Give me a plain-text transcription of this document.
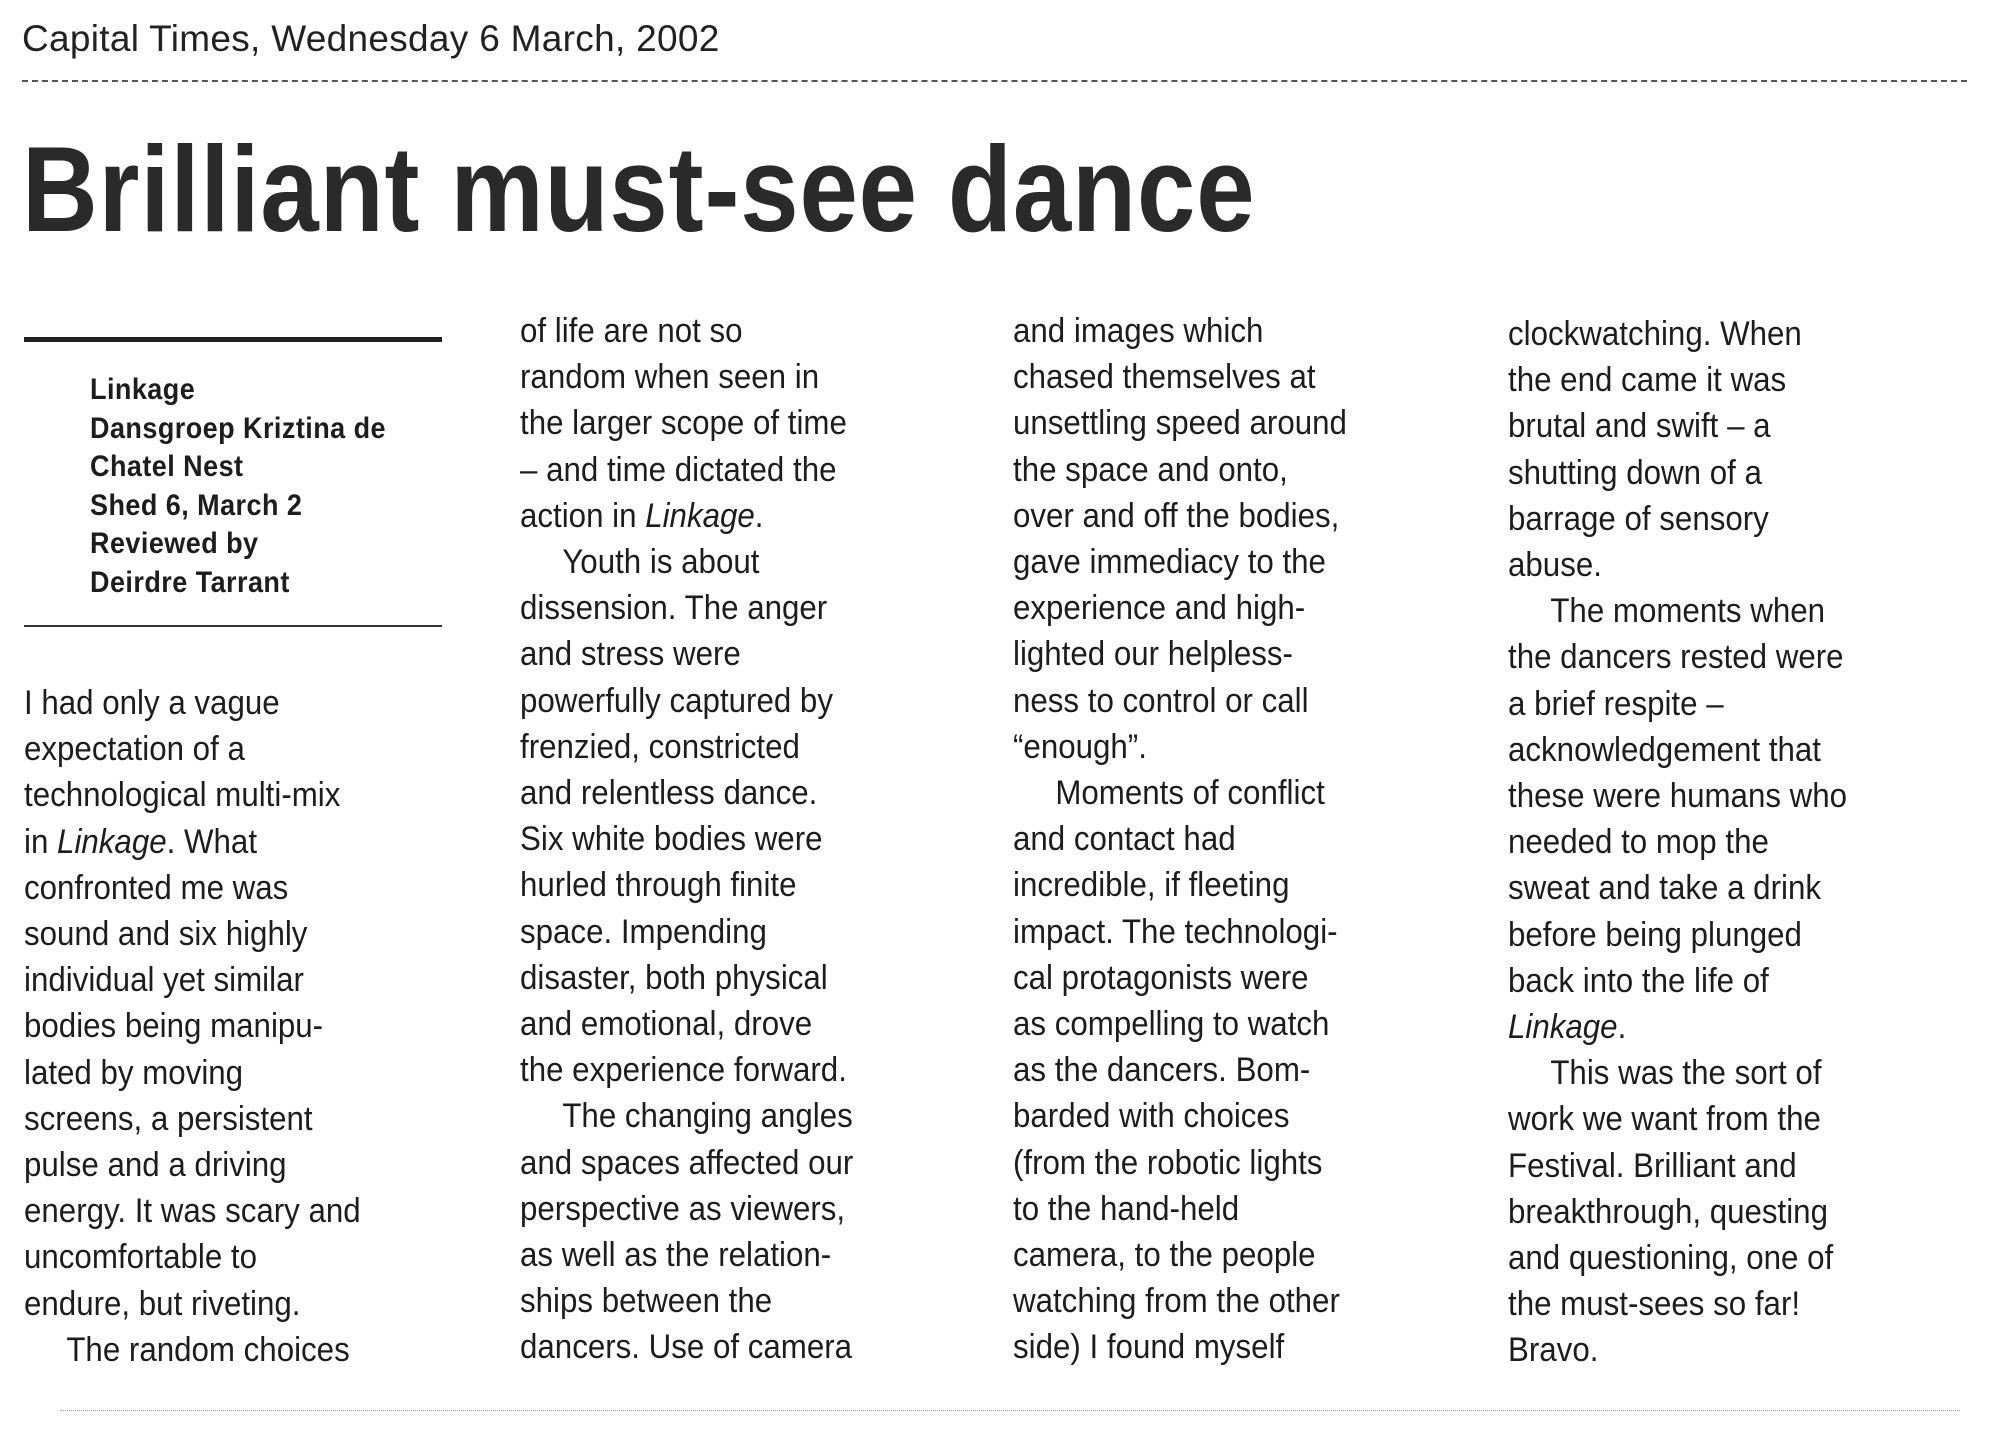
Capital Times, Wednesday 6 March, 2002
Brilliant must-see dance
Linkage
Dansgroep Kriztina de
Chatel Nest
Shed 6, March 2
Reviewed by
Deirdre Tarrant
I had only a vague
expectation of a
technological multi-mix
in Linkage. What
confronted me was
sound and six highly
individual yet similar
bodies being manipu-
lated by moving
screens, a persistent
pulse and a driving
energy. It was scary and
uncomfortable to
endure, but riveting.
The random choices
of life are not so
random when seen in
the larger scope of time
– and time dictated the
action in Linkage.
Youth is about
dissension. The anger
and stress were
powerfully captured by
frenzied, constricted
and relentless dance.
Six white bodies were
hurled through finite
space. Impending
disaster, both physical
and emotional, drove
the experience forward.
The changing angles
and spaces affected our
perspective as viewers,
as well as the relation-
ships between the
dancers. Use of camera
and images which
chased themselves at
unsettling speed around
the space and onto,
over and off the bodies,
gave immediacy to the
experience and high-
lighted our helpless-
ness to control or call
“enough”.
Moments of conflict
and contact had
incredible, if fleeting
impact. The technologi-
cal protagonists were
as compelling to watch
as the dancers. Bom-
barded with choices
(from the robotic lights
to the hand-held
camera, to the people
watching from the other
side) I found myself
clockwatching. When
the end came it was
brutal and swift – a
shutting down of a
barrage of sensory
abuse.
The moments when
the dancers rested were
a brief respite –
acknowledgement that
these were humans who
needed to mop the
sweat and take a drink
before being plunged
back into the life of
Linkage.
This was the sort of
work we want from the
Festival. Brilliant and
breakthrough, questing
and questioning, one of
the must-sees so far!
Bravo.
